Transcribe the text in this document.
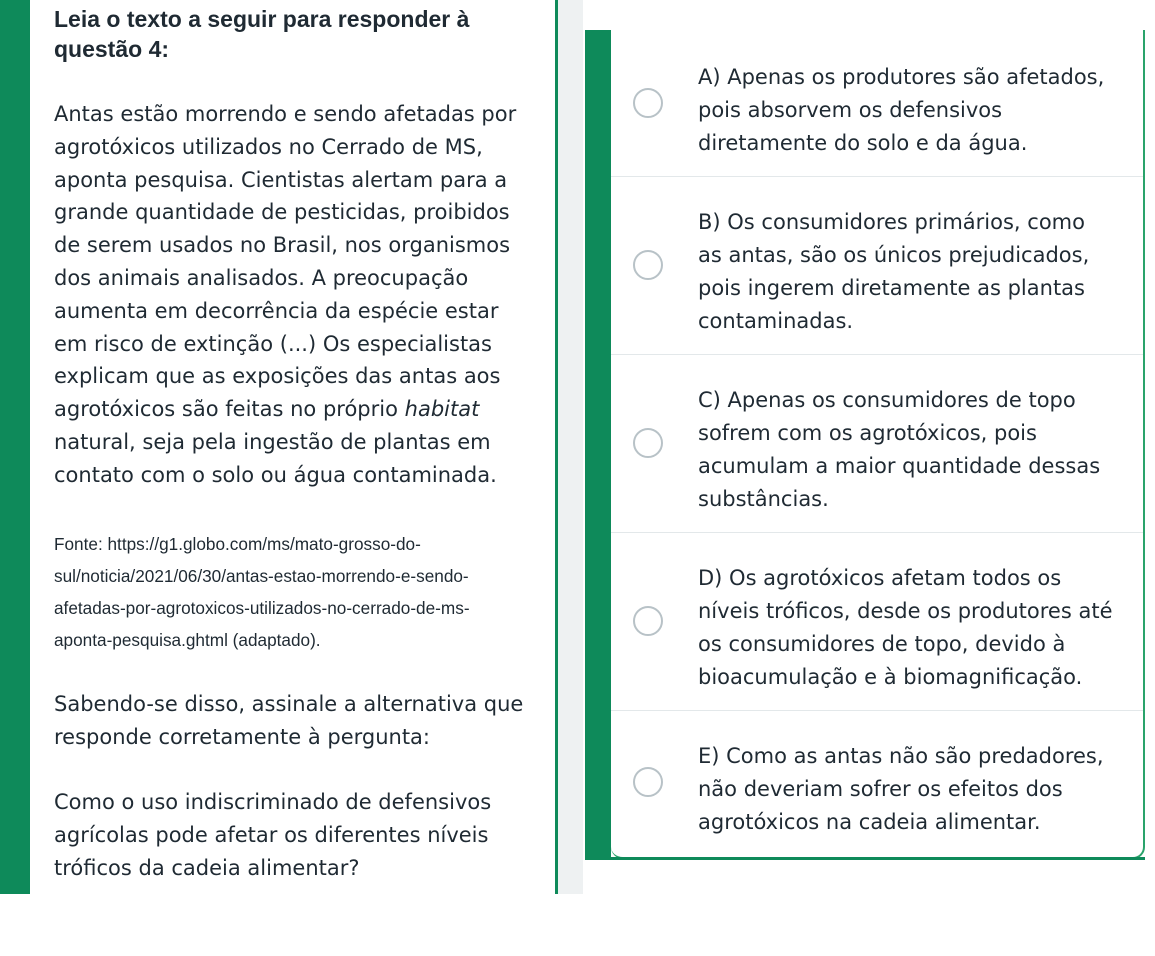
Leia o texto a seguir para responder à
questão 4:

Antas estão morrendo e sendo afetadas por
agrotóxicos utilizados no Cerrado de MS,
aponta pesquisa. Cientistas alertam para a
grande quantidade de pesticidas, proibidos
de serem usados no Brasil, nos organismos
dos animais analisados. A preocupação
aumenta em decorrência da espécie estar
em risco de extinção (...) Os especialistas
explicam que as exposições das antas aos
agrotóxicos são feitas no próprio habitat
natural, seja pela ingestão de plantas em
contato com o solo ou água contaminada.

Fonte: https://g1.globo.com/ms/mato-grosso-do-
sul/noticia/2021/06/30/antas-estao-morrendo-e-sendo-
afetadas-por-agrotoxicos-utilizados-no-cerrado-de-ms-
aponta-pesquisa.ghtml (adaptado).

Sabendo-se disso, assinale a alternativa que
responde corretamente à pergunta:

Como o uso indiscriminado de defensivos
agrícolas pode afetar os diferentes níveis
tróficos da cadeia alimentar?

A) Apenas os produtores são afetados,
pois absorvem os defensivos
diretamente do solo e da água.

B) Os consumidores primários, como
as antas, são os únicos prejudicados,
pois ingerem diretamente as plantas
contaminadas.

C) Apenas os consumidores de topo
sofrem com os agrotóxicos, pois
acumulam a maior quantidade dessas
substâncias.

D) Os agrotóxicos afetam todos os
níveis tróficos, desde os produtores até
os consumidores de topo, devido à
bioacumulação e à biomagnificação.

E) Como as antas não são predadores,
não deveriam sofrer os efeitos dos
agrotóxicos na cadeia alimentar.
